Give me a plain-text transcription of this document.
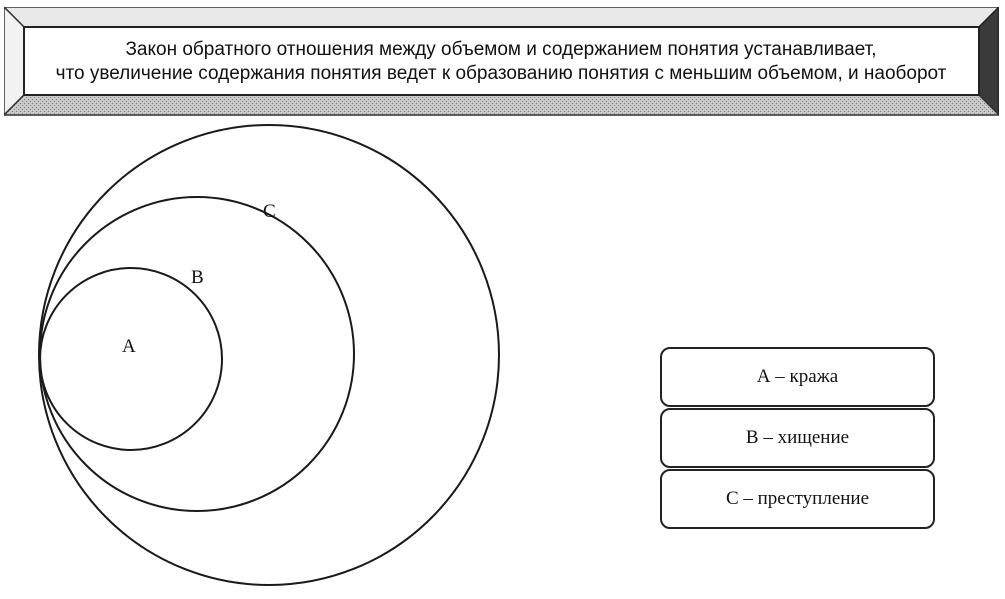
Закон обратного отношения между объемом и содержанием понятия устанавливает,
что увеличение содержания понятия ведет к образованию понятия с меньшим объемом, и наоборот
A
B
C
А – кража
В – хищение
С – преступление
